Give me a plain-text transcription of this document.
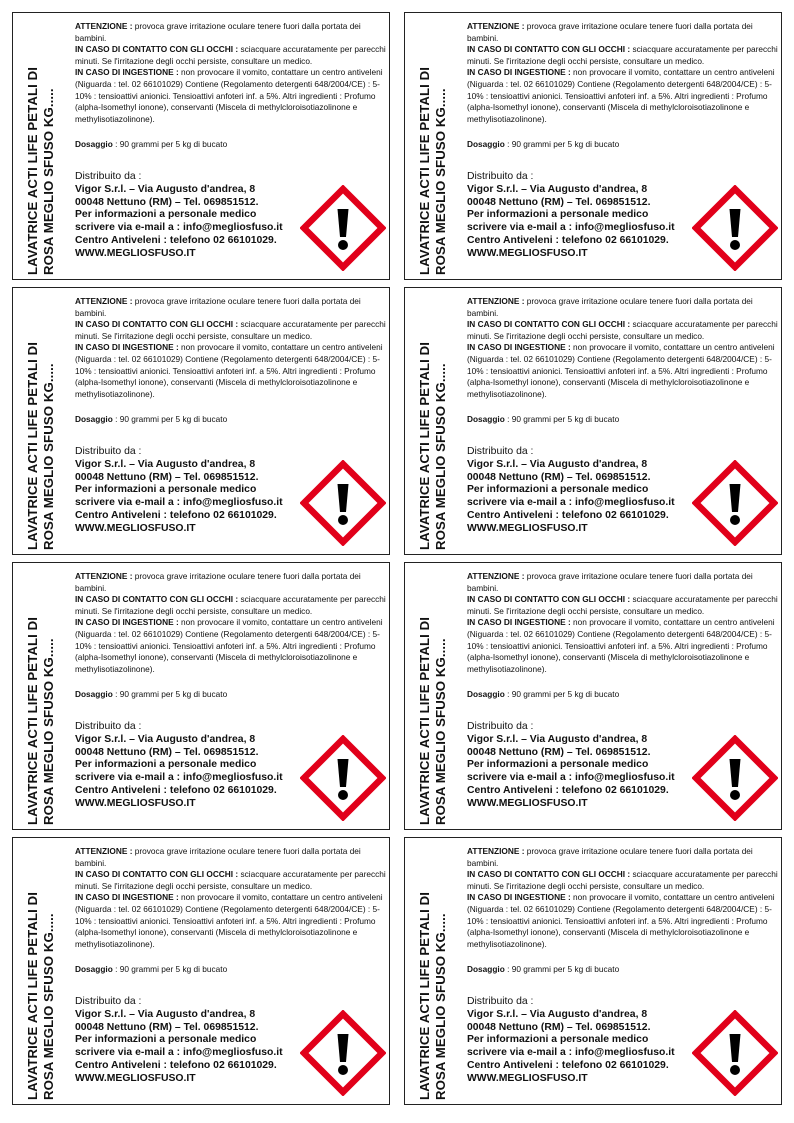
LAVATRICE ACTI LIFE PETALI DI ROSA MEGLIO SFUSO KG.....

ATTENZIONE : provoca grave irritazione oculare tenere fuori dalla portata dei bambini.

IN CASO DI CONTATTO CON GLI OCCHI : sciacquare accuratamente per parecchi minuti. Se l'irritazione degli occhi persiste, consultare un medico.

IN CASO DI INGESTIONE : non provocare il vomito, contattare un centro antiveleni (Niguarda : tel. 02 66101029) Contiene (Regolamento detergenti 648/2004/CE) : 5-10% : tensioattivi anionici. Tensioattivi anfoteri inf. a 5%. Altri ingredienti : Profumo (alpha-Isomethyl ionone), conservanti (Miscela di methylcloroisotiazolinone e methylisotiazolinone).

Dosaggio : 90 grammi per 5 kg di bucato
Distribuito da :
Vigor S.r.l. – Via Augusto d'andrea, 8
00048 Nettuno (RM) – Tel. 069851512.
Per informazioni a personale medico
scrivere via e-mail a : info@megliosfuso.it
Centro Antiveleni : telefono 02 66101029.
WWW.MEGLIOSFUSO.IT	LAVATRICE ACTI LIFE PETALI DI ROSA MEGLIO SFUSO KG.....

ATTENZIONE : provoca grave irritazione oculare tenere fuori dalla portata dei bambini.

IN CASO DI CONTATTO CON GLI OCCHI : sciacquare accuratamente per parecchi minuti. Se l'irritazione degli occhi persiste, consultare un medico.

IN CASO DI INGESTIONE : non provocare il vomito, contattare un centro antiveleni (Niguarda : tel. 02 66101029) Contiene (Regolamento detergenti 648/2004/CE) : 5-10% : tensioattivi anionici. Tensioattivi anfoteri inf. a 5%. Altri ingredienti : Profumo (alpha-Isomethyl ionone), conservanti (Miscela di methylcloroisotiazolinone e methylisotiazolinone).

Dosaggio : 90 grammi per 5 kg di bucato
Distribuito da :
Vigor S.r.l. – Via Augusto d'andrea, 8
00048 Nettuno (RM) – Tel. 069851512.
Per informazioni a personale medico
scrivere via e-mail a : info@megliosfuso.it
Centro Antiveleni : telefono 02 66101029.
WWW.MEGLIOSFUSO.IT
LAVATRICE ACTI LIFE PETALI DI ROSA MEGLIO SFUSO KG.....

ATTENZIONE : provoca grave irritazione oculare tenere fuori dalla portata dei bambini.

IN CASO DI CONTATTO CON GLI OCCHI : sciacquare accuratamente per parecchi minuti. Se l'irritazione degli occhi persiste, consultare un medico.

IN CASO DI INGESTIONE : non provocare il vomito, contattare un centro antiveleni (Niguarda : tel. 02 66101029) Contiene (Regolamento detergenti 648/2004/CE) : 5-10% : tensioattivi anionici. Tensioattivi anfoteri inf. a 5%. Altri ingredienti : Profumo (alpha-Isomethyl ionone), conservanti (Miscela di methylcloroisotiazolinone e methylisotiazolinone).

Dosaggio : 90 grammi per 5 kg di bucato
Distribuito da :
Vigor S.r.l. – Via Augusto d'andrea, 8
00048 Nettuno (RM) – Tel. 069851512.
Per informazioni a personale medico
scrivere via e-mail a : info@megliosfuso.it
Centro Antiveleni : telefono 02 66101029.
WWW.MEGLIOSFUSO.IT	LAVATRICE ACTI LIFE PETALI DI ROSA MEGLIO SFUSO KG.....

ATTENZIONE : provoca grave irritazione oculare tenere fuori dalla portata dei bambini.

IN CASO DI CONTATTO CON GLI OCCHI : sciacquare accuratamente per parecchi minuti. Se l'irritazione degli occhi persiste, consultare un medico.

IN CASO DI INGESTIONE : non provocare il vomito, contattare un centro antiveleni (Niguarda : tel. 02 66101029) Contiene (Regolamento detergenti 648/2004/CE) : 5-10% : tensioattivi anionici. Tensioattivi anfoteri inf. a 5%. Altri ingredienti : Profumo (alpha-Isomethyl ionone), conservanti (Miscela di methylcloroisotiazolinone e methylisotiazolinone).

Dosaggio : 90 grammi per 5 kg di bucato
Distribuito da :
Vigor S.r.l. – Via Augusto d'andrea, 8
00048 Nettuno (RM) – Tel. 069851512.
Per informazioni a personale medico
scrivere via e-mail a : info@megliosfuso.it
Centro Antiveleni : telefono 02 66101029.
WWW.MEGLIOSFUSO.IT
LAVATRICE ACTI LIFE PETALI DI ROSA MEGLIO SFUSO KG.....

ATTENZIONE : provoca grave irritazione oculare tenere fuori dalla portata dei bambini.

IN CASO DI CONTATTO CON GLI OCCHI : sciacquare accuratamente per parecchi minuti. Se l'irritazione degli occhi persiste, consultare un medico.

IN CASO DI INGESTIONE : non provocare il vomito, contattare un centro antiveleni (Niguarda : tel. 02 66101029) Contiene (Regolamento detergenti 648/2004/CE) : 5-10% : tensioattivi anionici. Tensioattivi anfoteri inf. a 5%. Altri ingredienti : Profumo (alpha-Isomethyl ionone), conservanti (Miscela di methylcloroisotiazolinone e methylisotiazolinone).

Dosaggio : 90 grammi per 5 kg di bucato
Distribuito da :
Vigor S.r.l. – Via Augusto d'andrea, 8
00048 Nettuno (RM) – Tel. 069851512.
Per informazioni a personale medico
scrivere via e-mail a : info@megliosfuso.it
Centro Antiveleni : telefono 02 66101029.
WWW.MEGLIOSFUSO.IT	LAVATRICE ACTI LIFE PETALI DI ROSA MEGLIO SFUSO KG.....

ATTENZIONE : provoca grave irritazione oculare tenere fuori dalla portata dei bambini.

IN CASO DI CONTATTO CON GLI OCCHI : sciacquare accuratamente per parecchi minuti. Se l'irritazione degli occhi persiste, consultare un medico.

IN CASO DI INGESTIONE : non provocare il vomito, contattare un centro antiveleni (Niguarda : tel. 02 66101029) Contiene (Regolamento detergenti 648/2004/CE) : 5-10% : tensioattivi anionici. Tensioattivi anfoteri inf. a 5%. Altri ingredienti : Profumo (alpha-Isomethyl ionone), conservanti (Miscela di methylcloroisotiazolinone e methylisotiazolinone).

Dosaggio : 90 grammi per 5 kg di bucato
Distribuito da :
Vigor S.r.l. – Via Augusto d'andrea, 8
00048 Nettuno (RM) – Tel. 069851512.
Per informazioni a personale medico
scrivere via e-mail a : info@megliosfuso.it
Centro Antiveleni : telefono 02 66101029.
WWW.MEGLIOSFUSO.IT
LAVATRICE ACTI LIFE PETALI DI ROSA MEGLIO SFUSO KG.....

ATTENZIONE : provoca grave irritazione oculare tenere fuori dalla portata dei bambini.

IN CASO DI CONTATTO CON GLI OCCHI : sciacquare accuratamente per parecchi minuti. Se l'irritazione degli occhi persiste, consultare un medico.

IN CASO DI INGESTIONE : non provocare il vomito, contattare un centro antiveleni (Niguarda : tel. 02 66101029) Contiene (Regolamento detergenti 648/2004/CE) : 5-10% : tensioattivi anionici. Tensioattivi anfoteri inf. a 5%. Altri ingredienti : Profumo (alpha-Isomethyl ionone), conservanti (Miscela di methylcloroisotiazolinone e methylisotiazolinone).

Dosaggio : 90 grammi per 5 kg di bucato
Distribuito da :
Vigor S.r.l. – Via Augusto d'andrea, 8
00048 Nettuno (RM) – Tel. 069851512.
Per informazioni a personale medico
scrivere via e-mail a : info@megliosfuso.it
Centro Antiveleni : telefono 02 66101029.
WWW.MEGLIOSFUSO.IT	LAVATRICE ACTI LIFE PETALI DI ROSA MEGLIO SFUSO KG.....

ATTENZIONE : provoca grave irritazione oculare tenere fuori dalla portata dei bambini.

IN CASO DI CONTATTO CON GLI OCCHI : sciacquare accuratamente per parecchi minuti. Se l'irritazione degli occhi persiste, consultare un medico.

IN CASO DI INGESTIONE : non provocare il vomito, contattare un centro antiveleni (Niguarda : tel. 02 66101029) Contiene (Regolamento detergenti 648/2004/CE) : 5-10% : tensioattivi anionici. Tensioattivi anfoteri inf. a 5%. Altri ingredienti : Profumo (alpha-Isomethyl ionone), conservanti (Miscela di methylcloroisotiazolinone e methylisotiazolinone).

Dosaggio : 90 grammi per 5 kg di bucato
Distribuito da :
Vigor S.r.l. – Via Augusto d'andrea, 8
00048 Nettuno (RM) – Tel. 069851512.
Per informazioni a personale medico
scrivere via e-mail a : info@megliosfuso.it
Centro Antiveleni : telefono 02 66101029.
WWW.MEGLIOSFUSO.IT
